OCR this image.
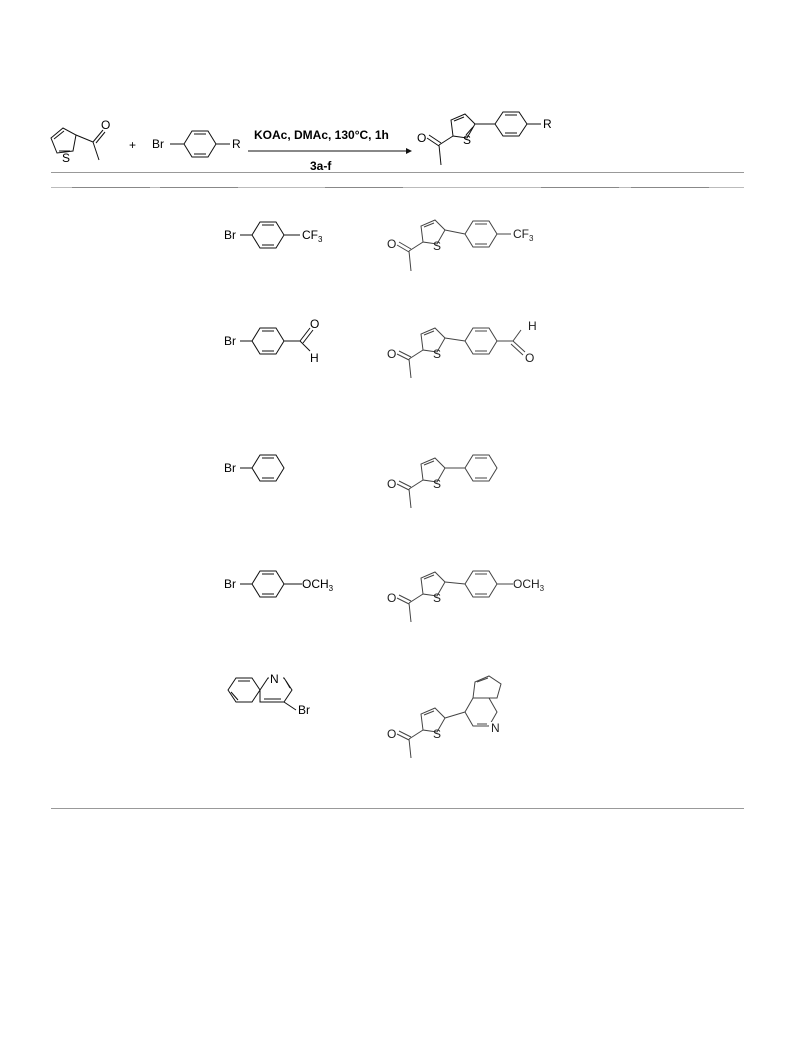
S
O
+ Br	R
KOAc, DMAc, 130°C, 1h
3a-f
O	S
R
Br	$CF_3$	O	S
$CF_3$
Br
O
H	O	S	O
H
Br
O	S
Br	$OCH_3$
O	S
$OCH_3$
N
Br
O	S	N
